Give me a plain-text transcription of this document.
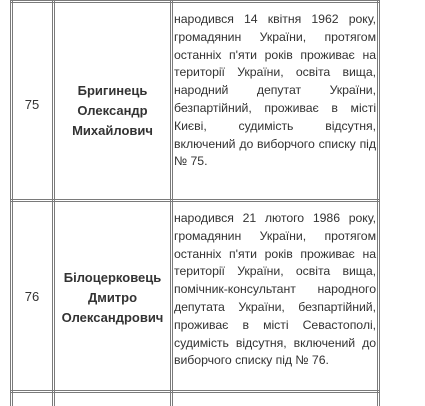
75
Бригинець
Олександр
Михайлович
народився 14 квітня 1962 року, громадянин України, протягом останніх п'яти років проживає на території України, освіта вища, народний депутат України, безпартійний, проживає в місті Києві, судимість відсутня, включений до виборчого списку під № 75.
76
Білоцерковець
Дмитро
Олександрович
народився 21 лютого 1986 року, громадянин України, протягом останніх п'яти років проживає на території України, освіта вища, помічник-консультант народного депутата України, безпартійний, проживає в місті Севастополі, судимість відсутня, включений до виборчого списку під № 76.
